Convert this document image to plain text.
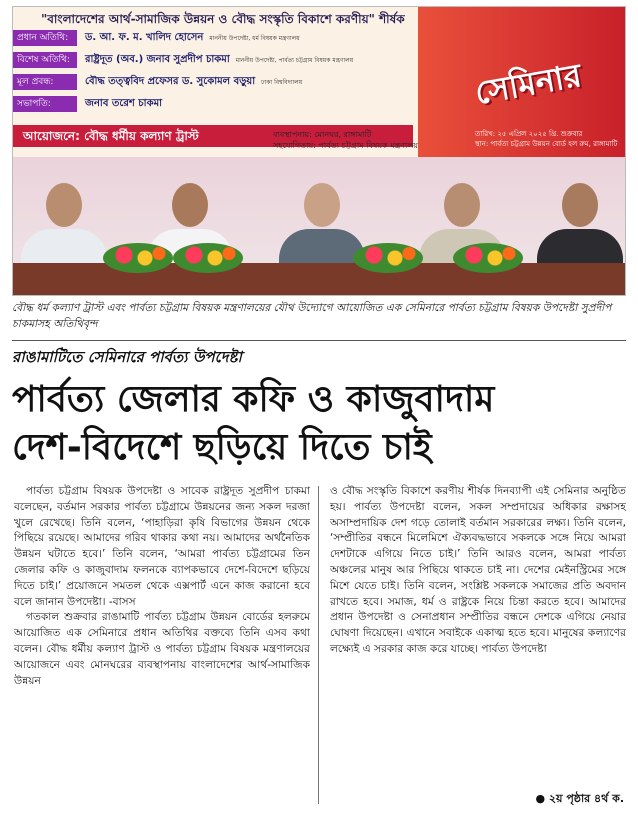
"বাংলাদেশের আর্থ-সামাজিক উন্নয়ন ও বৌদ্ধ সংস্কৃতি বিকাশে করণীয়" শীর্ষক
প্রধান অতিথি:	ড. আ. ফ. ম. খালিদ হোসেন	মাননীয় উপদেষ্টা, ধর্ম বিষয়ক মন্ত্রণালয়
বিশেষ অতিথি:	রাষ্ট্রদূত (অব.) জনাব সুপ্রদীপ চাকমা	মাননীয় উপদেষ্টা, পার্বত্য চট্টগ্রাম বিষয়ক মন্ত্রণালয়
মূল প্রবন্ধ:	বৌদ্ধ তত্ত্ববিদ প্রফেসর ড. সুকোমল বড়ুয়া	ঢাকা বিশ্ববিদ্যালয়
সভাপতি:	জনাব তরেশ চাকমা
আয়োজনে: বৌদ্ধ ধর্মীয় কল্যাণ ট্রাস্ট	ব্যবস্থাপনায়: মোনঘর, রাঙ্গামাটি
সহযোগিতায়: পার্বত্য চট্টগ্রাম বিষয়ক মন্ত্রণালয়
সেমিনার
তারিখ: ২৫ এপ্রিল ২০২৫ খ্রি. শুক্রবার
স্থান: পার্বত্য চট্টগ্রাম উন্নয়ন বোর্ড হল রুম, রাঙ্গামাটি
বৌদ্ধ ধর্ম কল্যাণ ট্রাস্ট এবং পার্বত্য চট্টগ্রাম বিষয়ক মন্ত্রণালয়ের যৌথ উদ্যোগে আয়োজিত এক সেমিনারে পার্বত্য চট্টগ্রাম বিষয়ক উপদেষ্টা সুপ্রদীপ চাকমাসহ অতিথিবৃন্দ
রাঙামাটিতে সেমিনারে পার্বত্য উপদেষ্টা
পার্বত্য জেলার কফি ও কাজুবাদাম
দেশ-বিদেশে ছড়িয়ে দিতে চাই

পার্বত্য চট্টগ্রাম বিষয়ক উপদেষ্টা ও সাবেক রাষ্ট্রদূত সুপ্রদীপ চাকমা বলেছেন, বর্তমান সরকার পার্বত্য চট্টগ্রামে উন্নয়নের জন্য সকল দরজা খুলে রেখেছে। তিনি বলেন, ‘পাহাড়িরা কৃষি বিভাগের উন্নয়ন থেকে পিছিয়ে রয়েছে। আমাদের গরিব থাকার কথা নয়। আমাদের অর্থনৈতিক উন্নয়ন ঘটাতে হবে।’ তিনি বলেন, ‘আমরা পার্বত্য চট্টগ্রামের তিন জেলার কফি ও কাজুবাদাম ফলনকে ব্যাপকভাবে দেশে-বিদেশে ছড়িয়ে দিতে চাই।’ প্রয়োজনে সমতল থেকে এক্সপার্ট এনে কাজ করানো হবে বলে জানান উপদেষ্টা। -বাসস

গতকাল শুক্রবার রাঙামাটি পার্বত্য চট্টগ্রাম উন্নয়ন বোর্ডের হলরুমে আয়োজিত এক সেমিনারে প্রধান অতিথির বক্তব্যে তিনি এসব কথা বলেন। বৌদ্ধ ধর্মীয় কল্যাণ ট্রাস্ট ও পার্বত্য চট্টগ্রাম বিষয়ক মন্ত্রণালয়ের আয়োজনে এবং মোনঘরের ব্যবস্থাপনায় বাংলাদেশের আর্থ-সামাজিক উন্নয়ন

ও বৌদ্ধ সংস্কৃতি বিকাশে করণীয় শীর্ষক দিনব্যাপী এই সেমিনার অনুষ্ঠিত হয়। পার্বত্য উপদেষ্টা বলেন, সকল সম্প্রদায়ের অধিকার রক্ষাসহ অসাম্প্রদায়িক দেশ গড়ে তোলাই বর্তমান সরকারের লক্ষ্য। তিনি বলেন, ‘সম্প্রীতির বন্ধনে মিলেমিশে ঐক্যবদ্ধভাবে সকলকে সঙ্গে নিয়ে আমরা দেশটাকে এগিয়ে নিতে চাই।’ তিনি আরও বলেন, আমরা পার্বত্য অঞ্চলের মানুষ আর পিছিয়ে থাকতে চাই না। দেশের মেইনস্ট্রিমের সঙ্গে মিশে যেতে চাই। তিনি বলেন, সংশ্লিষ্ট সকলকে সমাজের প্রতি অবদান রাখতে হবে। সমাজ, ধর্ম ও রাষ্ট্রকে নিয়ে চিন্তা করতে হবে। আমাদের প্রধান উপদেষ্টা ও সেনাপ্রধান সম্প্রীতির বন্ধনে দেশকে এগিয়ে নেয়ার ঘোষণা দিয়েছেন। এখানে সবাইকে একাত্ম হতে হবে। মানুষের কল্যাণের লক্ষ্যেই এ সরকার কাজ করে যাচ্ছে। পার্বত্য উপদেষ্টা

● ২য় পৃষ্ঠার ৪র্থ ক.
